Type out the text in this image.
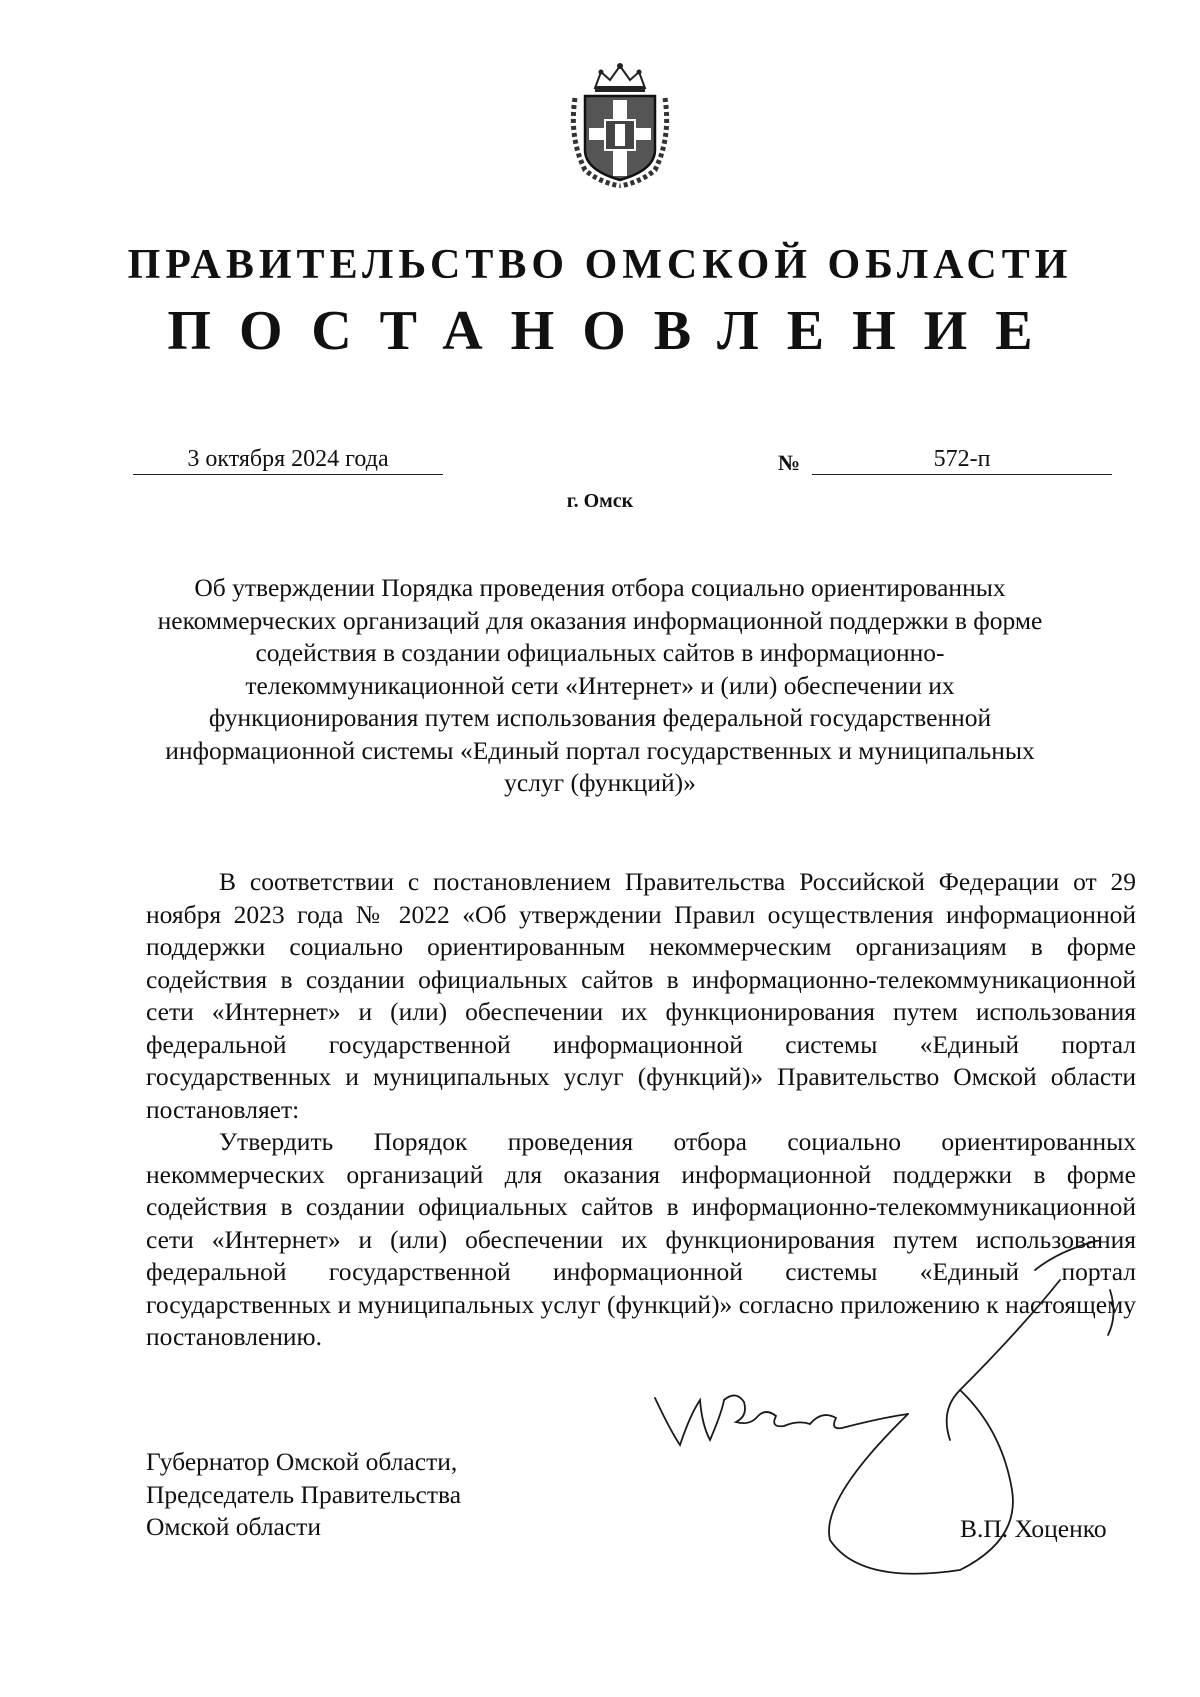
ПРАВИТЕЛЬСТВО ОМСКОЙ ОБЛАСТИ
ПОСТАНОВЛЕНИЕ
3 октября 2024 года	№	572-п
г. Омск
Об утверждении Порядка проведения отбора социально ориентированных некоммерческих организаций для оказания информационной поддержки в форме содействия в создании официальных сайтов в информационно-телекоммуникационной сети «Интернет» и (или) обеспечении их функционирования путем использования федеральной государственной информационной системы «Единый портал государственных и муниципальных услуг (функций)»

В соответствии с постановлением Правительства Российской Федерации от 29 ноября 2023 года № 2022 «Об утверждении Правил осуществления информационной поддержки социально ориентированным некоммерческим организациям в форме содействия в создании официальных сайтов в информационно-телекоммуникационной сети «Интернет» и (или) обеспечении их функционирования путем использования федеральной государственной информационной системы «Единый портал государственных и муниципальных услуг (функций)» Правительство Омской области постановляет:

Утвердить Порядок проведения отбора социально ориентированных некоммерческих организаций для оказания информационной поддержки в форме содействия в создании официальных сайтов в информационно-телекоммуникационной сети «Интернет» и (или) обеспечении их функционирования путем использования федеральной государственной информационной системы «Единый портал государственных и муниципальных услуг (функций)» согласно приложению к настоящему постановлению.

Губернатор Омской области,
Председатель Правительства
Омской области	В.П. Хоценко
